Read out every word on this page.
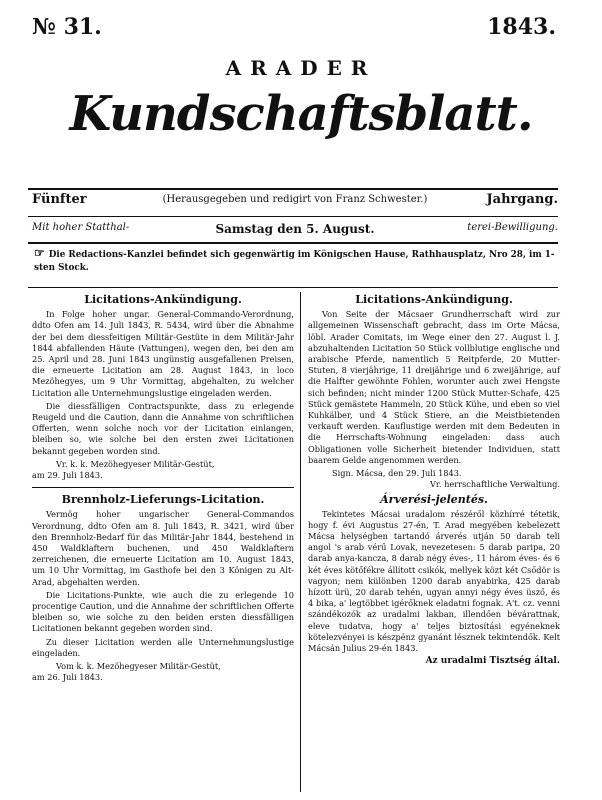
№ 31.	1843.
ARADER
Kundschaftsblatt.
Fünfter	(Herausgegeben und redigirt von Franz Schwester.)	Jahrgang.
Mit hoher Statthal-	Samstag den 5. August.	terei-Bewilligung.
☞ Die Redactions-Kanzlei befindet sich gegenwärtig im Königschen Hause, Rathhausplatz, Nro 28, im 1-sten Stock.
Licitations-Ankündigung.

In Folge hoher ungar. General-Commando-Verordnung, ddto Ofen am 14. Juli 1843, R. 5434, wird über die Abnahme der bei dem diessfeitigen Militär-Gestüte in dem Militär-Jahr 1844 abfallenden Häute (Vattungen), wegen den, bei den am 25. April und 28. Juni 1843 ungünstig ausgefallenen Preisen, die erneuerte Licitation am 28. August 1843, in loco Mezöhegyes, um 9 Uhr Vormittag, abgehalten, zu welcher Licitation alle Unternehmungslustige eingeladen werden.

Die diessfälligen Contractspunkte, dass zu erlegende Reugeld und die Caution, dann die Annahme von schriftlichen Offerten, wenn solche noch vor der Licitation einlangen, bleiben so, wie solche bei den ersten zwei Licitationen bekannt gegeben worden sind.

Vr. k. k. Mezöhegyeser Militär-Gestüt,

am 29. Juli 1843.

Brennholz-Lieferungs-Licitation.

Vermög hoher ungarischer General-Commandos Verordnung, ddto Ofen am 8. Juli 1843, R. 3421, wird über den Brennholz-Bedarf für das Militär-Jahr 1844, bestehend in 450 Waldklaftern buchenen, und 450 Waldklaftern zerreichenen, die erneuerte Licitation am 10. August 1843, um 10 Uhr Vormittag, im Gasthofe bei den 3 Königen zu Alt-Arad, abgehalten werden.

Die Licitations-Punkte, wie auch die zu erlegende 10 procentige Caution, und die Annahme der schriftlichen Offerte bleiben so, wie solche zu den beiden ersten diessfälligen Licitationen bekannt gegeben worden sind.

Zu dieser Licitation werden alle Unternehmungslustige eingeladen.

Vom k. k. Mezöhegyeser Militär-Gestüt,

am 26. Juli 1843.

Licitations-Ankündigung.

Von Seite der Mácsaer Grundherrschaft wird zur allgemeinen Wissenschaft gebracht, dass im Orte Mácsa, löbl. Arader Comitats, im Wege einer den 27. August l. J. abzuhaltenden Licitation 50 Stück vollblutige englische und arabische Pferde, namentlich 5 Reitpferde, 20 Mutter-Stuten, 8 vierjährige, 11 dreijährige und 6 zweijährige, auf die Halfter gewöhnte Fohlen, worunter auch zwei Hengste sich befinden; nicht minder 1200 Stück Mutter-Schafe, 425 Stück gemästete Hammeln, 20 Stück Kühe, und eben so viel Kuhkälber, und 4 Stück Stiere, an die Meistbietenden verkauft werden. Kauflustige werden mit dem Bedeuten in die Herrschafts-Wohnung eingeladen: dass auch Obligationen volle Sicherheit bietender Individuen, statt baarem Gelde angenommen werden.

Sign. Mácsa, den 29. Juli 1843.

Vr. herrschaftliche Verwaltung.

Árverési-jelentés.

Tekintetes Mácsai uradalom részéről közhírré tétetik, hogy f. évi Augustus 27-én, T. Arad megyében kebelezett Mácsa helységben tartandó árverés utján 50 darab teli angol 's arab vérű Lovak, nevezetesen: 5 darab paripa, 20 darab anya-kancza, 8 darab négy éves-, 11 három éves- és 6 két éves kötőfékre állított csikók, mellyek közt két Csődör is vagyon; nem különben 1200 darab anyabirka, 425 darab hízott ürü, 20 darab tehén, ugyan annyi négy éves üsző, és 4 bika, a' legtöbbet igérőknek eladatni fognak. A't. cz. venni szándékozók az uradalmi lakban, illendően bévárattnak, eleve tudatva, hogy a' teljes biztosítási egyéneknek kötelezvényei is készpénz gyanánt lésznek tekintendők. Kelt Mácsán Julius 29-én 1843.

Az uradalmi Tisztség által.
